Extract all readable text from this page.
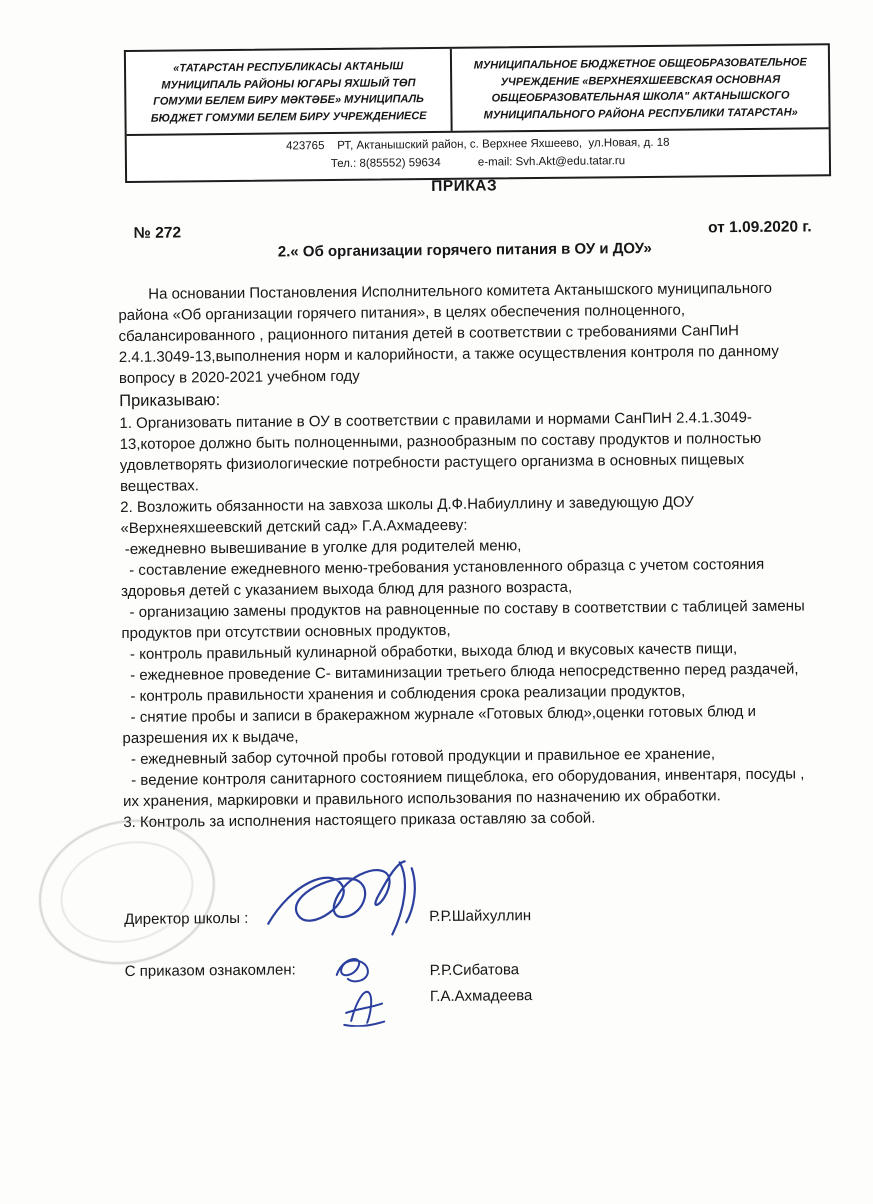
«ТАТАРСТАН РЕСПУБЛИКАСЫ АКТАНЫШ МУНИЦИПАЛЬ РАЙОНЫ ЮГАРЫ ЯХШЫЙ ТӨП ГОМУМИ БЕЛЕМ БИРУ МӘКТӘБЕ» МУНИЦИПАЛЬ БЮДЖЕТ ГОМУМИ БЕЛЕМ БИРУ УЧРЕЖДЕНИЕСЕ
МУНИЦИПАЛЬНОЕ БЮДЖЕТНОЕ ОБЩЕОБРАЗОВАТЕЛЬНОЕ УЧРЕЖДЕНИЕ «ВЕРХНЕЯХШЕЕВСКАЯ ОСНОВНАЯ ОБЩЕОБРАЗОВАТЕЛЬНАЯ ШКОЛА" АКТАНЫШСКОГО МУНИЦИПАЛЬНОГО РАЙОНА РЕСПУБЛИКИ ТАТАРСТАН»
423765    РТ, Актанышский район, с. Верхнее Яхшеево,  ул.Новая, д. 18
Тел.: 8(85552) 59634	e-mail: Svh.Akt@edu.tatar.ru
ПРИКАЗ
№ 272	от 1.09.2020 г.
2.« Об организации горячего питания в ОУ и ДОУ»

На основании Постановления Исполнительного комитета Актанышского муниципального района «Об организации горячего питания», в целях обеспечения полноценного, сбалансированного , рационного питания детей в соответствии с требованиями СанПиН 2.4.1.3049-13,выполнения норм и калорийности, а также осуществления контроля по данному вопросу в 2020-2021 учебном году

Приказываю:

1. Организовать питание в ОУ в соответствии с правилами и нормами СанПиН 2.4.1.3049-13,которое должно быть полноценными, разнообразным по составу продуктов и полностью удовлетворять физиологические потребности растущего организма в основных пищевых веществах.

2. Возложить обязанности на завхоза школы Д.Ф.Набиуллину и заведующую ДОУ «Верхнеяхшеевский детский сад» Г.А.Ахмадееву:

-ежедневно вывешивание в уголке для родителей меню,

- составление ежедневного меню-требования установленного образца с учетом состояния здоровья детей с указанием выхода блюд для разного возраста,

- организацию замены продуктов на равноценные по составу в соответствии с таблицей замены продуктов при отсутствии основных продуктов,

- контроль правильный кулинарной обработки, выхода блюд и вкусовых качеств пищи,

- ежедневное проведение С- витаминизации третьего блюда непосредственно перед раздачей,

- контроль правильности хранения и соблюдения срока реализации продуктов,

- снятие пробы и записи в бракеражном журнале «Готовых блюд»,оценки готовых блюд и разрешения их к выдаче,

- ежедневный забор суточной пробы готовой продукции и правильное ее хранение,

- ведение контроля санитарного состоянием пищеблока, его оборудования, инвентаря, посуды , их хранения, маркировки и правильного использования по назначению их обработки.

3. Контроль за исполнения настоящего приказа оставляю за собой.

Директор школы :	Р.Р.Шайхуллин
С приказом ознакомлен:	Р.Р.Сибатова
Г.А.Ахмадеева
